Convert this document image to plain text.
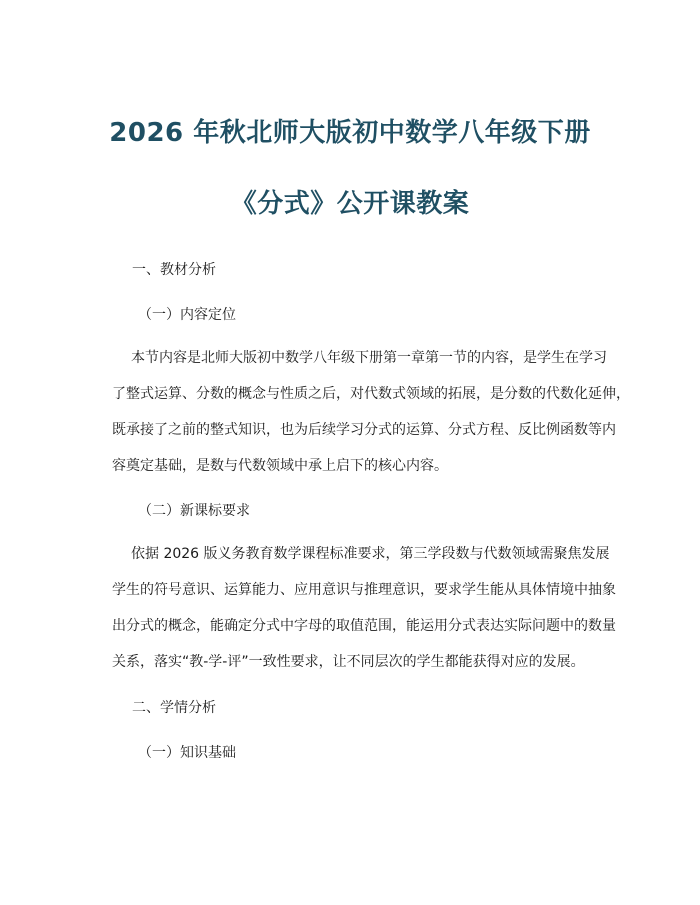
2026 年秋北师大版初中数学八年级下册
《分式》公开课教案
一、教材分析
（一）内容定位
本节内容是北师大版初中数学八年级下册第一章第一节的内容，是学生在学习
了整式运算、分数的概念与性质之后，对代数式领域的拓展，是分数的代数化延伸，
既承接了之前的整式知识，也为后续学习分式的运算、分式方程、反比例函数等内
容奠定基础，是数与代数领域中承上启下的核心内容。
（二）新课标要求
依据 2026 版义务教育数学课程标准要求，第三学段数与代数领域需聚焦发展
学生的符号意识、运算能力、应用意识与推理意识，要求学生能从具体情境中抽象
出分式的概念，能确定分式中字母的取值范围，能运用分式表达实际问题中的数量
关系，落实“教-学-评”一致性要求，让不同层次的学生都能获得对应的发展。
二、学情分析
（一）知识基础
